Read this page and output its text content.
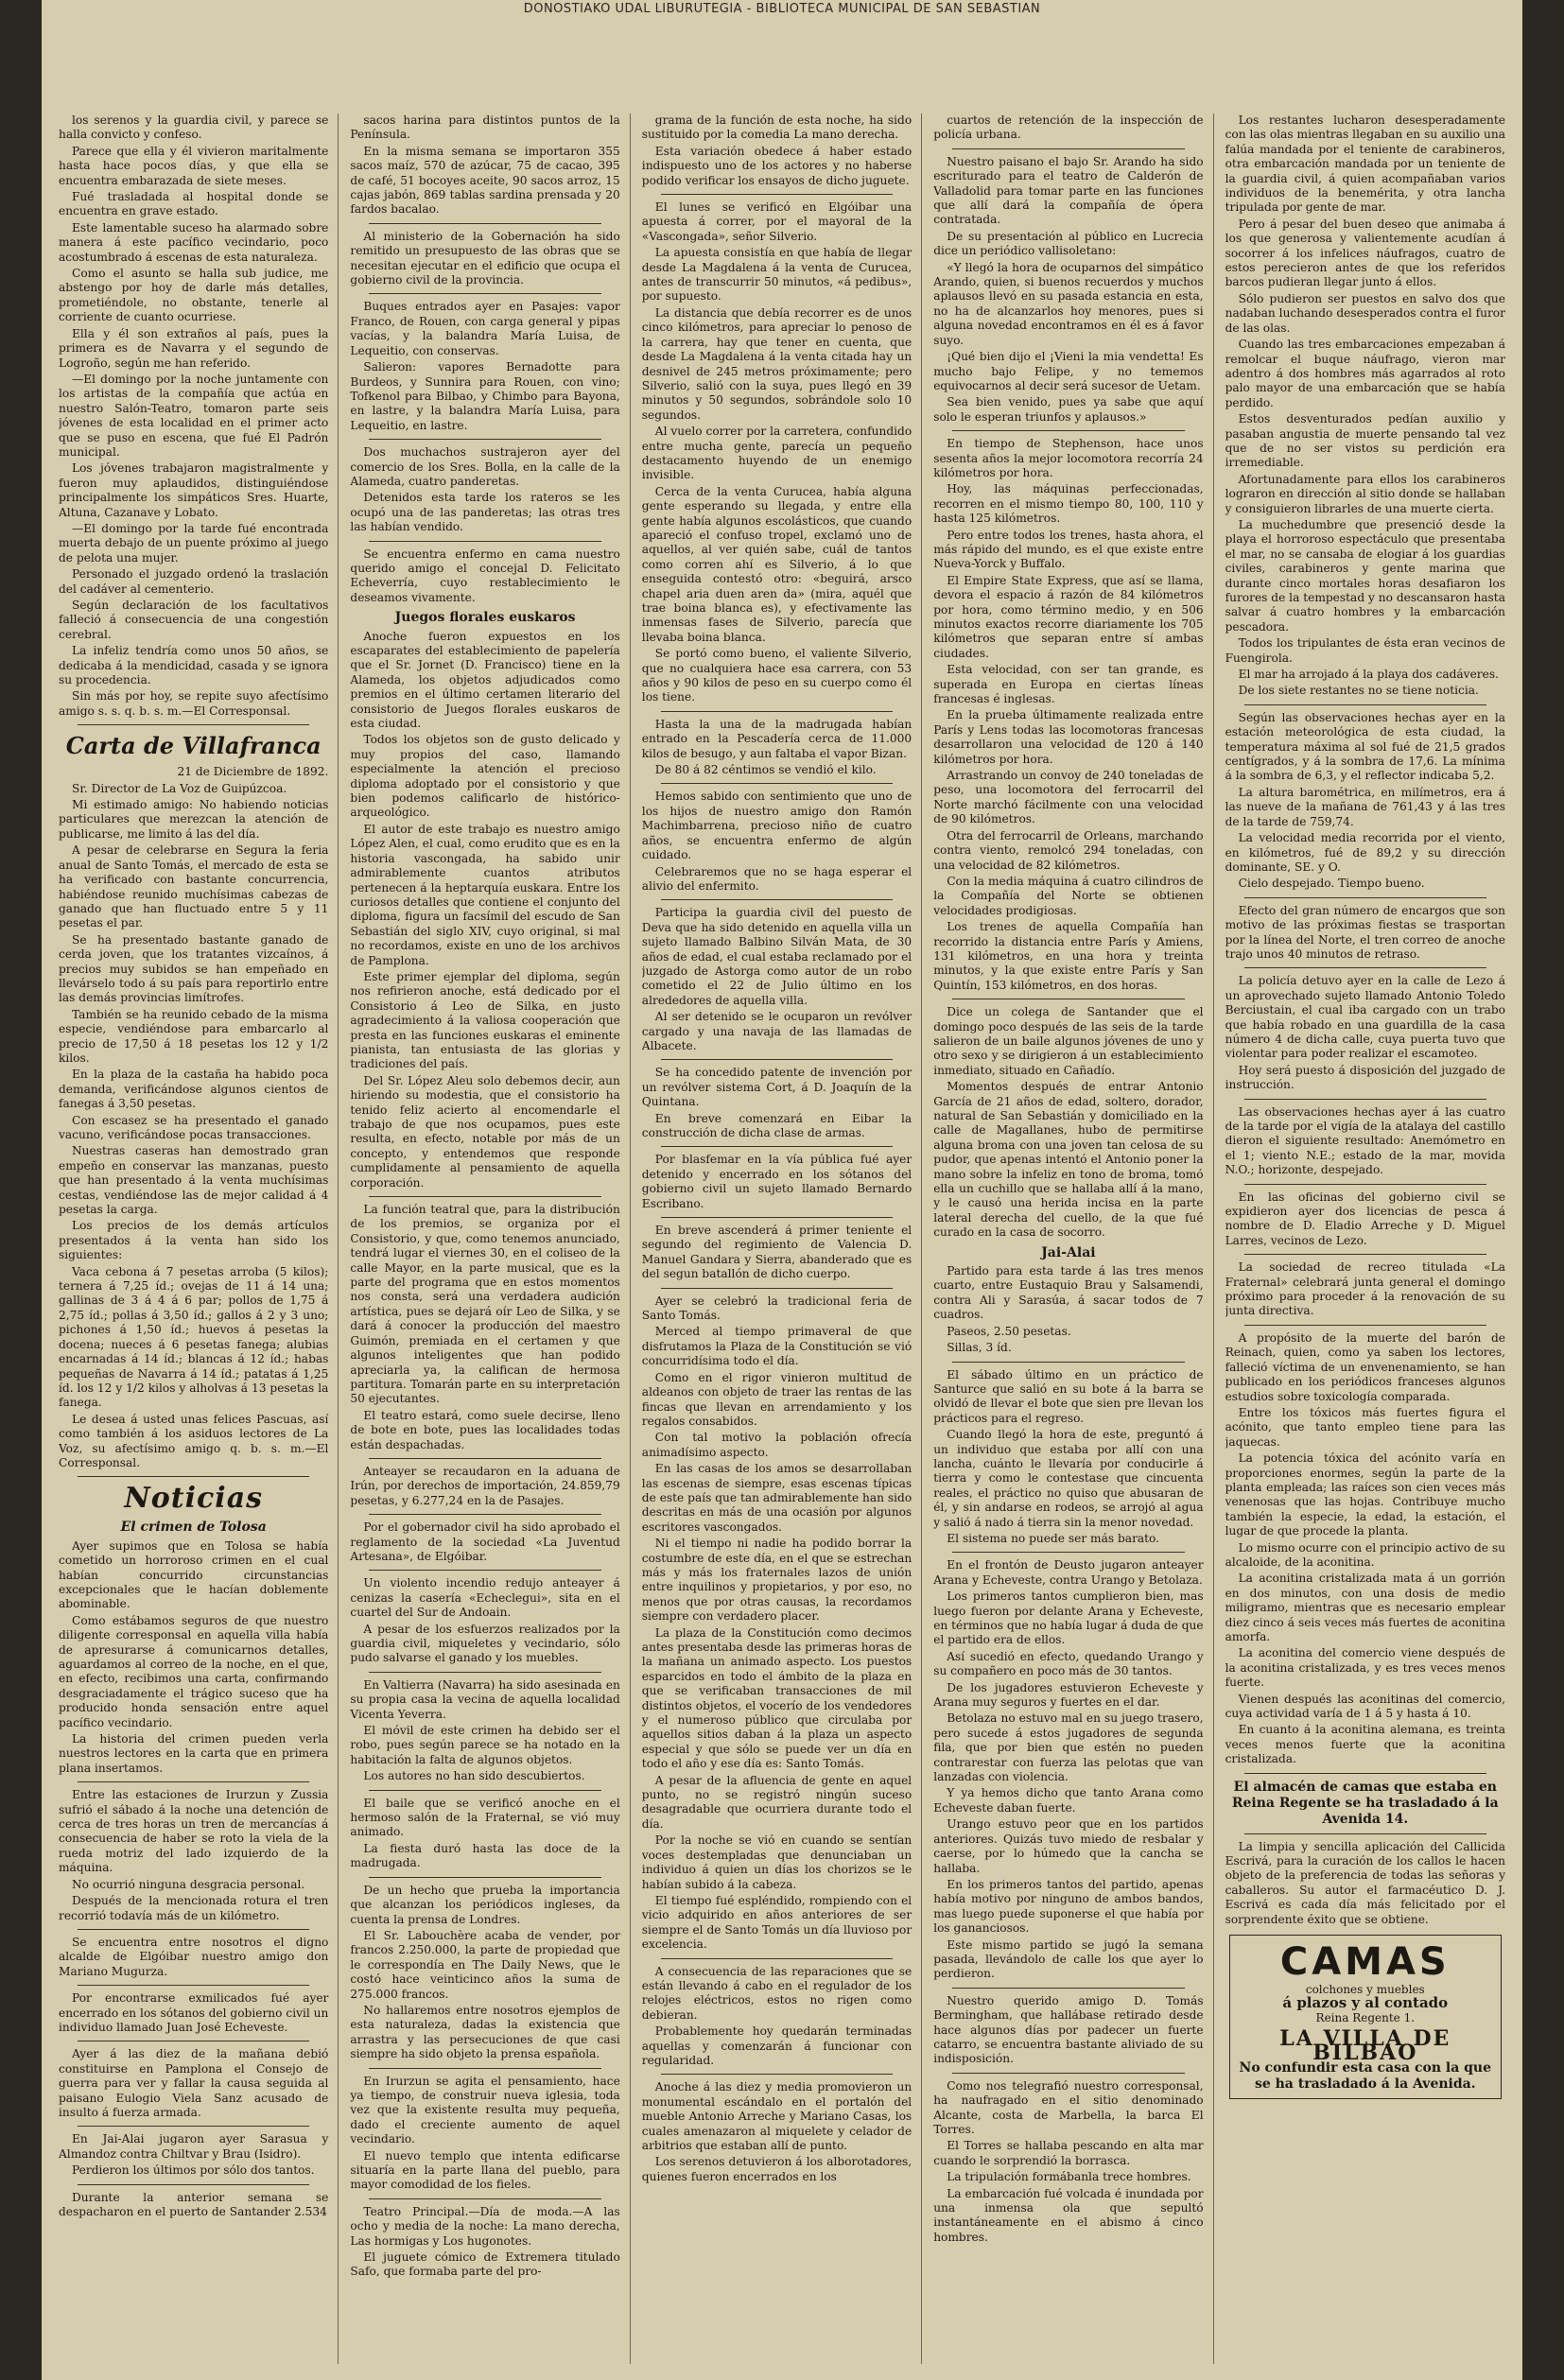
DONOSTIAKO UDAL LIBURUTEGIA - BIBLIOTECA MUNICIPAL DE SAN SEBASTIAN

los serenos y la guardia civil, y parece se halla convicto y confeso.

Parece que ella y él vivieron maritalmente hasta hace pocos días, y que ella se encuentra embarazada de siete meses.

Fué trasladada al hospital donde se encuentra en grave estado.

Este lamentable suceso ha alarmado sobre manera á este pacífico vecindario, poco acostumbrado á escenas de esta naturaleza.

Como el asunto se halla sub judice, me abstengo por hoy de darle más detalles, prometiéndole, no obstante, tenerle al corriente de cuanto ocurriese.

Ella y él son extraños al país, pues la primera es de Navarra y el segundo de Logroño, según me han referido.

—El domingo por la noche juntamente con los artistas de la compañía que actúa en nuestro Salón-Teatro, tomaron parte seis jóvenes de esta localidad en el primer acto que se puso en escena, que fué El Padrón municipal.

Los jóvenes trabajaron magistralmente y fueron muy aplaudidos, distinguiéndose principalmente los simpáticos Sres. Huarte, Altuna, Cazanave y Lobato.

—El domingo por la tarde fué encontrada muerta debajo de un puente próximo al juego de pelota una mujer.

Personado el juzgado ordenó la traslación del cadáver al cementerio.

Según declaración de los facultativos falleció á consecuencia de una congestión cerebral.

La infeliz tendría como unos 50 años, se dedicaba á la mendicidad, casada y se ignora su procedencia.

Sin más por hoy, se repite suyo afectísimo amigo s. s. q. b. s. m.—El Corresponsal.

Carta de Villafranca
21 de Diciembre de 1892.

Sr. Director de La Voz de Guipúzcoa.

Mi estimado amigo: No habiendo noticias particulares que merezcan la atención de publicarse, me limito á las del día.

A pesar de celebrarse en Segura la feria anual de Santo Tomás, el mercado de esta se ha verificado con bastante concurrencia, habiéndose reunido muchísimas cabezas de ganado que han fluctuado entre 5 y 11 pesetas el par.

Se ha presentado bastante ganado de cerda joven, que los tratantes vizcaínos, á precios muy subidos se han empeñado en llevárselo todo á su país para reportirlo entre las demás provincias limítrofes.

También se ha reunido cebado de la misma especie, vendiéndose para embarcarlo al precio de 17,50 á 18 pesetas los 12 y 1/2 kilos.

En la plaza de la castaña ha habido poca demanda, verificándose algunos cientos de fanegas á 3,50 pesetas.

Con escasez se ha presentado el ganado vacuno, verificándose pocas transacciones.

Nuestras caseras han demostrado gran empeño en conservar las manzanas, puesto que han presentado á la venta muchísimas cestas, vendiéndose las de mejor calidad á 4 pesetas la carga.

Los precios de los demás artículos presentados á la venta han sido los siguientes:

Vaca cebona á 7 pesetas arroba (5 kilos); ternera á 7,25 íd.; ovejas de 11 á 14 una; gallinas de 3 á 4 á 6 par; pollos de 1,75 á 2,75 íd.; pollas á 3,50 íd.; gallos á 2 y 3 uno; pichones á 1,50 íd.; huevos á pesetas la docena; nueces á 6 pesetas fanega; alubias encarnadas á 14 íd.; blancas á 12 íd.; habas pequeñas de Navarra á 14 íd.; patatas á 1,25 íd. los 12 y 1/2 kilos y alholvas á 13 pesetas la fanega.

Le desea á usted unas felices Pascuas, así como también á los asiduos lectores de La Voz, su afectísimo amigo q. b. s. m.—El Corresponsal.

Noticias
El crimen de Tolosa

Ayer supimos que en Tolosa se había cometido un horroroso crimen en el cual habían concurrido circunstancias excepcionales que le hacían doblemente abominable.

Como estábamos seguros de que nuestro diligente corresponsal en aquella villa había de apresurarse á comunicarnos detalles, aguardamos al correo de la noche, en el que, en efecto, recibimos una carta, confirmando desgraciadamente el trágico suceso que ha producido honda sensación entre aquel pacífico vecindario.

La historia del crimen pueden verla nuestros lectores en la carta que en primera plana insertamos.

Entre las estaciones de Irurzun y Zussia sufrió el sábado á la noche una detención de cerca de tres horas un tren de mercancías á consecuencia de haber se roto la viela de la rueda motriz del lado izquierdo de la máquina.

No ocurrió ninguna desgracia personal.

Después de la mencionada rotura el tren recorrió todavía más de un kilómetro.

Se encuentra entre nosotros el digno alcalde de Elgóibar nuestro amigo don Mariano Mugurza.

Por encontrarse exmilicados fué ayer encerrado en los sótanos del gobierno civil un individuo llamado Juan José Echeveste.

Ayer á las diez de la mañana debió constituirse en Pamplona el Consejo de guerra para ver y fallar la causa seguida al paisano Eulogio Viela Sanz acusado de insulto á fuerza armada.

En Jai-Alai jugaron ayer Sarasua y Almandoz contra Chiltvar y Brau (Isidro).

Perdieron los últimos por sólo dos tantos.

Durante la anterior semana se despacharon en el puerto de Santander 2.534

sacos harina para distintos puntos de la Península.

En la misma semana se importaron 355 sacos maíz, 570 de azúcar, 75 de cacao, 395 de café, 51 bocoyes aceite, 90 sacos arroz, 15 cajas jabón, 869 tablas sardina prensada y 20 fardos bacalao.

Al ministerio de la Gobernación ha sido remitido un presupuesto de las obras que se necesitan ejecutar en el edificio que ocupa el gobierno civil de la provincia.

Buques entrados ayer en Pasajes: vapor Franco, de Rouen, con carga general y pipas vacías, y la balandra María Luisa, de Lequeitio, con conservas.

Salieron: vapores Bernadotte para Burdeos, y Sunnira para Rouen, con vino; Tofkenol para Bilbao, y Chimbo para Bayona, en lastre, y la balandra María Luisa, para Lequeitio, en lastre.

Dos muchachos sustrajeron ayer del comercio de los Sres. Bolla, en la calle de la Alameda, cuatro panderetas.

Detenidos esta tarde los rateros se les ocupó una de las panderetas; las otras tres las habían vendido.

Se encuentra enfermo en cama nuestro querido amigo el concejal D. Felicitato Echeverría, cuyo restablecimiento le deseamos vivamente.

Juegos florales euskaros

Anoche fueron expuestos en los escaparates del establecimiento de papelería que el Sr. Jornet (D. Francisco) tiene en la Alameda, los objetos adjudicados como premios en el último certamen literario del consistorio de Juegos florales euskaros de esta ciudad.

Todos los objetos son de gusto delicado y muy propios del caso, llamando especialmente la atención el precioso diploma adoptado por el consistorio y que bien podemos calificarlo de histórico-arqueológico.

El autor de este trabajo es nuestro amigo López Alen, el cual, como erudito que es en la historia vascongada, ha sabido unir admirablemente cuantos atributos pertenecen á la heptarquía euskara. Entre los curiosos detalles que contiene el conjunto del diploma, figura un facsímil del escudo de San Sebastián del siglo XIV, cuyo original, si mal no recordamos, existe en uno de los archivos de Pamplona.

Este primer ejemplar del diploma, según nos refirieron anoche, está dedicado por el Consistorio á Leo de Silka, en justo agradecimiento á la valiosa cooperación que presta en las funciones euskaras el eminente pianista, tan entusiasta de las glorias y tradiciones del país.

Del Sr. López Aleu solo debemos decir, aun hiriendo su modestia, que el consistorio ha tenido feliz acierto al encomendarle el trabajo de que nos ocupamos, pues este resulta, en efecto, notable por más de un concepto, y entendemos que responde cumplidamente al pensamiento de aquella corporación.

La función teatral que, para la distribución de los premios, se organiza por el Consistorio, y que, como tenemos anunciado, tendrá lugar el viernes 30, en el coliseo de la calle Mayor, en la parte musical, que es la parte del programa que en estos momentos nos consta, será una verdadera audición artística, pues se dejará oír Leo de Silka, y se dará á conocer la producción del maestro Guimón, premiada en el certamen y que algunos inteligentes que han podido apreciarla ya, la califican de hermosa partitura. Tomarán parte en su interpretación 50 ejecutantes.

El teatro estará, como suele decirse, lleno de bote en bote, pues las localidades todas están despachadas.

Anteayer se recaudaron en la aduana de Irún, por derechos de importación, 24.859,79 pesetas, y 6.277,24 en la de Pasajes.

Por el gobernador civil ha sido aprobado el reglamento de la sociedad «La Juventud Artesana», de Elgóibar.

Un violento incendio redujo anteayer á cenizas la casería «Echeclegui», sita en el cuartel del Sur de Andoain.

A pesar de los esfuerzos realizados por la guardia civil, miqueletes y vecindario, sólo pudo salvarse el ganado y los muebles.

En Valtierra (Navarra) ha sido asesinada en su propia casa la vecina de aquella localidad Vicenta Yeverra.

El móvil de este crimen ha debido ser el robo, pues según parece se ha notado en la habitación la falta de algunos objetos.

Los autores no han sido descubiertos.

El baile que se verificó anoche en el hermoso salón de la Fraternal, se vió muy animado.

La fiesta duró hasta las doce de la madrugada.

De un hecho que prueba la importancia que alcanzan los periódicos ingleses, da cuenta la prensa de Londres.

El Sr. Labouchère acaba de vender, por francos 2.250.000, la parte de propiedad que le correspondía en The Daily News, que le costó hace veinticinco años la suma de 275.000 francos.

No hallaremos entre nosotros ejemplos de esta naturaleza, dadas la existencia que arrastra y las persecuciones de que casi siempre ha sido objeto la prensa española.

En Irurzun se agita el pensamiento, hace ya tiempo, de construir nueva iglesia, toda vez que la existente resulta muy pequeña, dado el creciente aumento de aquel vecindario.

El nuevo templo que intenta edificarse situaría en la parte llana del pueblo, para mayor comodidad de los fieles.

Teatro Principal.—Día de moda.—A las ocho y media de la noche: La mano derecha, Las hormigas y Los hugonotes.

El juguete cómico de Extremera titulado Safo, que formaba parte del pro-

grama de la función de esta noche, ha sido sustituido por la comedia La mano derecha.

Esta variación obedece á haber estado indispuesto uno de los actores y no haberse podido verificar los ensayos de dicho juguete.

El lunes se verificó en Elgóibar una apuesta á correr, por el mayoral de la «Vascongada», señor Silverio.

La apuesta consistía en que había de llegar desde La Magdalena á la venta de Curucea, antes de transcurrir 50 minutos, «á pedibus», por supuesto.

La distancia que debía recorrer es de unos cinco kilómetros, para apreciar lo penoso de la carrera, hay que tener en cuenta, que desde La Magdalena á la venta citada hay un desnivel de 245 metros próximamente; pero Silverio, salió con la suya, pues llegó en 39 minutos y 50 segundos, sobrándole solo 10 segundos.

Al vuelo correr por la carretera, confundido entre mucha gente, parecía un pequeño destacamento huyendo de un enemigo invisible.

Cerca de la venta Curucea, había alguna gente esperando su llegada, y entre ella gente había algunos escolásticos, que cuando apareció el confuso tropel, exclamó uno de aquellos, al ver quién sabe, cuál de tantos como corren ahí es Silverio, á lo que enseguida contestó otro: «beguirá, arsco chapel aria duen aren da» (mira, aquél que trae boina blanca es), y efectivamente las inmensas fases de Silverio, parecía que llevaba boina blanca.

Se portó como bueno, el valiente Silverio, que no cualquiera hace esa carrera, con 53 años y 90 kilos de peso en su cuerpo como él los tiene.

Hasta la una de la madrugada habían entrado en la Pescadería cerca de 11.000 kilos de besugo, y aun faltaba el vapor Bizan.

De 80 á 82 céntimos se vendió el kilo.

Hemos sabido con sentimiento que uno de los hijos de nuestro amigo don Ramón Machimbarrena, precioso niño de cuatro años, se encuentra enfermo de algún cuidado.

Celebraremos que no se haga esperar el alivio del enfermito.

Participa la guardia civil del puesto de Deva que ha sido detenido en aquella villa un sujeto llamado Balbino Silván Mata, de 30 años de edad, el cual estaba reclamado por el juzgado de Astorga como autor de un robo cometido el 22 de Julio último en los alrededores de aquella villa.

Al ser detenido se le ocuparon un revólver cargado y una navaja de las llamadas de Albacete.

Se ha concedido patente de invención por un revólver sistema Cort, á D. Joaquín de la Quintana.

En breve comenzará en Eibar la construcción de dicha clase de armas.

Por blasfemar en la vía pública fué ayer detenido y encerrado en los sótanos del gobierno civil un sujeto llamado Bernardo Escribano.

En breve ascenderá á primer teniente el segundo del regimiento de Valencia D. Manuel Gandara y Sierra, abanderado que es del segun batallón de dicho cuerpo.

Ayer se celebró la tradicional feria de Santo Tomás.

Merced al tiempo primaveral de que disfrutamos la Plaza de la Constitución se vió concurridísima todo el día.

Como en el rigor vinieron multitud de aldeanos con objeto de traer las rentas de las fincas que llevan en arrendamiento y los regalos consabidos.

Con tal motivo la población ofrecía animadísimo aspecto.

En las casas de los amos se desarrollaban las escenas de siempre, esas escenas típicas de este país que tan admirablemente han sido descritas en más de una ocasión por algunos escritores vascongados.

Ni el tiempo ni nadie ha podido borrar la costumbre de este día, en el que se estrechan más y más los fraternales lazos de unión entre inquilinos y propietarios, y por eso, no menos que por otras causas, la recordamos siempre con verdadero placer.

La plaza de la Constitución como decimos antes presentaba desde las primeras horas de la mañana un animado aspecto. Los puestos esparcidos en todo el ámbito de la plaza en que se verificaban transacciones de mil distintos objetos, el vocerío de los vendedores y el numeroso público que circulaba por aquellos sitios daban á la plaza un aspecto especial y que sólo se puede ver un día en todo el año y ese día es: Santo Tomás.

A pesar de la afluencia de gente en aquel punto, no se registró ningún suceso desagradable que ocurriera durante todo el día.

Por la noche se vió en cuando se sentían voces destempladas que denunciaban un individuo á quien un días los chorizos se le habían subido á la cabeza.

El tiempo fué espléndido, rompiendo con el vicio adquirido en años anteriores de ser siempre el de Santo Tomás un día lluvioso por excelencia.

A consecuencia de las reparaciones que se están llevando á cabo en el regulador de los relojes eléctricos, estos no rigen como debieran.

Probablemente hoy quedarán terminadas aquellas y comenzarán á funcionar con regularidad.

Anoche á las diez y media promovieron un monumental escándalo en el portalón del mueble Antonio Arreche y Mariano Casas, los cuales amenazaron al miquelete y celador de arbitrios que estaban allí de punto.

Los serenos detuvieron á los alborotadores, quienes fueron encerrados en los

cuartos de retención de la inspección de policía urbana.

Nuestro paisano el bajo Sr. Arando ha sido escriturado para el teatro de Calderón de Valladolid para tomar parte en las funciones que allí dará la compañía de ópera contratada.

De su presentación al público en Lucrecia dice un periódico vallisoletano:

«Y llegó la hora de ocuparnos del simpático Arando, quien, si buenos recuerdos y muchos aplausos llevó en su pasada estancia en esta, no ha de alcanzarlos hoy menores, pues si alguna novedad encontramos en él es á favor suyo.

¡Qué bien dijo el ¡Vieni la mia vendetta! Es mucho bajo Felipe, y no tememos equivocarnos al decir será sucesor de Uetam.

Sea bien venido, pues ya sabe que aquí solo le esperan triunfos y aplausos.»

En tiempo de Stephenson, hace unos sesenta años la mejor locomotora recorría 24 kilómetros por hora.

Hoy, las máquinas perfeccionadas, recorren en el mismo tiempo 80, 100, 110 y hasta 125 kilómetros.

Pero entre todos los trenes, hasta ahora, el más rápido del mundo, es el que existe entre Nueva-Yorck y Buffalo.

El Empire State Express, que así se llama, devora el espacio á razón de 84 kilómetros por hora, como término medio, y en 506 minutos exactos recorre diariamente los 705 kilómetros que separan entre sí ambas ciudades.

Esta velocidad, con ser tan grande, es superada en Europa en ciertas líneas francesas é inglesas.

En la prueba últimamente realizada entre París y Lens todas las locomotoras francesas desarrollaron una velocidad de 120 á 140 kilómetros por hora.

Arrastrando un convoy de 240 toneladas de peso, una locomotora del ferrocarril del Norte marchó fácilmente con una velocidad de 90 kilómetros.

Otra del ferrocarril de Orleans, marchando contra viento, remolcó 294 toneladas, con una velocidad de 82 kilómetros.

Con la media máquina á cuatro cilindros de la Compañía del Norte se obtienen velocidades prodigiosas.

Los trenes de aquella Compañía han recorrido la distancia entre París y Amiens, 131 kilómetros, en una hora y treinta minutos, y la que existe entre París y San Quintín, 153 kilómetros, en dos horas.

Dice un colega de Santander que el domingo poco después de las seis de la tarde salieron de un baile algunos jóvenes de uno y otro sexo y se dirigieron á un establecimiento inmediato, situado en Cañadío.

Momentos después de entrar Antonio García de 21 años de edad, soltero, dorador, natural de San Sebastián y domiciliado en la calle de Magallanes, hubo de permitirse alguna broma con una joven tan celosa de su pudor, que apenas intentó el Antonio poner la mano sobre la infeliz en tono de broma, tomó ella un cuchillo que se hallaba allí á la mano, y le causó una herida incisa en la parte lateral derecha del cuello, de la que fué curado en la casa de socorro.

Jai-Alai

Partido para esta tarde á las tres menos cuarto, entre Eustaquio Brau y Salsamendi, contra Ali y Sarasúa, á sacar todos de 7 cuadros.

Paseos, 2.50 pesetas.

Sillas, 3 íd.

El sábado último en un práctico de Santurce que salió en su bote á la barra se olvidó de llevar el bote que sien pre llevan los prácticos para el regreso.

Cuando llegó la hora de este, preguntó á un individuo que estaba por allí con una lancha, cuánto le llevaría por conducirle á tierra y como le contestase que cincuenta reales, el práctico no quiso que abusaran de él, y sin andarse en rodeos, se arrojó al agua y salió á nado á tierra sin la menor novedad.

El sistema no puede ser más barato.

En el frontón de Deusto jugaron anteayer Arana y Echeveste, contra Urango y Betolaza.

Los primeros tantos cumplieron bien, mas luego fueron por delante Arana y Echeveste, en términos que no había lugar á duda de que el partido era de ellos.

Así sucedió en efecto, quedando Urango y su compañero en poco más de 30 tantos.

De los jugadores estuvieron Echeveste y Arana muy seguros y fuertes en el dar.

Betolaza no estuvo mal en su juego trasero, pero sucede á estos jugadores de segunda fila, que por bien que estén no pueden contrarestar con fuerza las pelotas que van lanzadas con violencia.

Y ya hemos dicho que tanto Arana como Echeveste daban fuerte.

Urango estuvo peor que en los partidos anteriores. Quizás tuvo miedo de resbalar y caerse, por lo húmedo que la cancha se hallaba.

En los primeros tantos del partido, apenas había motivo por ninguno de ambos bandos, mas luego puede suponerse el que había por los gananciosos.

Este mismo partido se jugó la semana pasada, llevándolo de calle los que ayer lo perdieron.

Nuestro querido amigo D. Tomás Bermingham, que hallábase retirado desde hace algunos días por padecer un fuerte catarro, se encuentra bastante aliviado de su indisposición.

Como nos telegrafió nuestro corresponsal, ha naufragado en el sitio denominado Alcante, costa de Marbella, la barca El Torres.

El Torres se hallaba pescando en alta mar cuando le sorprendió la borrasca.

La tripulación formábanla trece hombres.

La embarcación fué volcada é inundada por una inmensa ola que sepultó instantáneamente en el abismo á cinco hombres.

Los restantes lucharon desesperadamente con las olas mientras llegaban en su auxilio una falúa mandada por el teniente de carabineros, otra embarcación mandada por un teniente de la guardia civil, á quien acompañaban varios individuos de la benemérita, y otra lancha tripulada por gente de mar.

Pero á pesar del buen deseo que animaba á los que generosa y valientemente acudían á socorrer á los infelices náufragos, cuatro de estos perecieron antes de que los referidos barcos pudieran llegar junto á ellos.

Sólo pudieron ser puestos en salvo dos que nadaban luchando desesperados contra el furor de las olas.

Cuando las tres embarcaciones empezaban á remolcar el buque náufrago, vieron mar adentro á dos hombres más agarrados al roto palo mayor de una embarcación que se había perdido.

Estos desventurados pedían auxilio y pasaban angustia de muerte pensando tal vez que de no ser vistos su perdición era irremediable.

Afortunadamente para ellos los carabineros lograron en dirección al sitio donde se hallaban y consiguieron librarles de una muerte cierta.

La muchedumbre que presenció desde la playa el horroroso espectáculo que presentaba el mar, no se cansaba de elogiar á los guardias civiles, carabineros y gente marina que durante cinco mortales horas desafiaron los furores de la tempestad y no descansaron hasta salvar á cuatro hombres y la embarcación pescadora.

Todos los tripulantes de ésta eran vecinos de Fuengirola.

El mar ha arrojado á la playa dos cadáveres.

De los siete restantes no se tiene noticia.

Según las observaciones hechas ayer en la estación meteorológica de esta ciudad, la temperatura máxima al sol fué de 21,5 grados centígrados, y á la sombra de 17,6. La mínima á la sombra de 6,3, y el reflector indicaba 5,2.

La altura barométrica, en milímetros, era á las nueve de la mañana de 761,43 y á las tres de la tarde de 759,74.

La velocidad media recorrida por el viento, en kilómetros, fué de 89,2 y su dirección dominante, SE. y O.

Cielo despejado. Tiempo bueno.

Efecto del gran número de encargos que son motivo de las próximas fiestas se trasportan por la línea del Norte, el tren correo de anoche trajo unos 40 minutos de retraso.

La policía detuvo ayer en la calle de Lezo á un aprovechado sujeto llamado Antonio Toledo Berciustain, el cual iba cargado con un trabo que había robado en una guardilla de la casa número 4 de dicha calle, cuya puerta tuvo que violentar para poder realizar el escamoteo.

Hoy será puesto á disposición del juzgado de instrucción.

Las observaciones hechas ayer á las cuatro de la tarde por el vigía de la atalaya del castillo dieron el siguiente resultado: Anemómetro en el 1; viento N.E.; estado de la mar, movida N.O.; horizonte, despejado.

En las oficinas del gobierno civil se expidieron ayer dos licencias de pesca á nombre de D. Eladio Arreche y D. Miguel Larres, vecinos de Lezo.

La sociedad de recreo titulada «La Fraternal» celebrará junta general el domingo próximo para proceder á la renovación de su junta directiva.

A propósito de la muerte del barón de Reinach, quien, como ya saben los lectores, falleció víctima de un envenenamiento, se han publicado en los periódicos franceses algunos estudios sobre toxicología comparada.

Entre los tóxicos más fuertes figura el acónito, que tanto empleo tiene para las jaquecas.

La potencia tóxica del acónito varía en proporciones enormes, según la parte de la planta empleada; las raíces son cien veces más venenosas que las hojas. Contribuye mucho también la especie, la edad, la estación, el lugar de que procede la planta.

Lo mismo ocurre con el principio activo de su alcaloide, de la aconitina.

La aconitina cristalizada mata á un gorrión en dos minutos, con una dosis de medio miligramo, mientras que es necesario emplear diez cinco á seis veces más fuertes de aconitina amorfa.

La aconitina del comercio viene después de la aconitina cristalizada, y es tres veces menos fuerte.

Vienen después las aconitinas del comercio, cuya actividad varía de 1 á 5 y hasta á 10.

En cuanto á la aconitina alemana, es treinta veces menos fuerte que la aconitina cristalizada.

El almacén de camas que estaba en Reina Regente se ha trasladado á la Avenida 14.

La limpia y sencilla aplicación del Callicida Escrivá, para la curación de los callos le hacen objeto de la preferencia de todas las señoras y caballeros. Su autor el farmacéutico D. J. Escrivá es cada día más felicitado por el sorprendente éxito que se obtiene.

CAMAS
colchones y muebles
á plazos y al contado
Reina Regente 1.
LA VILLA DE BILBAO
No confundir esta casa con la que se ha trasladado á la Avenida.
